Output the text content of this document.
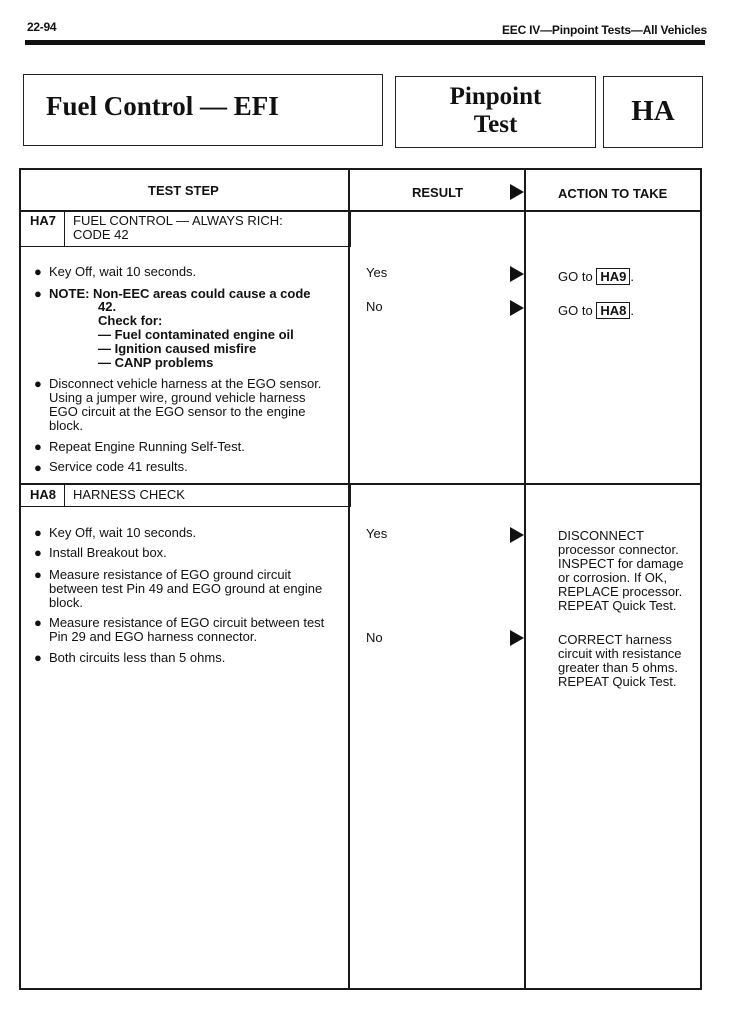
22-94	EEC IV—Pinpoint Tests—All Vehicles
Fuel Control — EFI	Pinpoint
Test	HA
TEST STEP	RESULT	ACTION TO TAKE
HA7 FUEL CONTROL — ALWAYS RICH:
CODE 42
● Key Off, wait 10 seconds.
● NOTE: Non-EEC areas could cause a code
42.
Check for:
— Fuel contaminated engine oil
— Ignition caused misfire
— CANP problems
● Disconnect vehicle harness at the EGO sensor.
Using a jumper wire, ground vehicle harness
EGO circuit at the EGO sensor to the engine
block.
● Repeat Engine Running Self-Test.
● Service code 41 results.
Yes	GO to HA9 .
No	GO to HA8 .
HA8 HARNESS CHECK
● Key Off, wait 10 seconds.
● Install Breakout box.
● Measure resistance of EGO ground circuit
between test Pin 49 and EGO ground at engine
block.
● Measure resistance of EGO circuit between test
Pin 29 and EGO harness connector.
● Both circuits less than 5 ohms.
Yes	DISCONNECT
processor connector.
INSPECT for damage
or corrosion. If OK,
REPLACE processor.
REPEAT Quick Test.
No	CORRECT harness
circuit with resistance
greater than 5 ohms.
REPEAT Quick Test.
